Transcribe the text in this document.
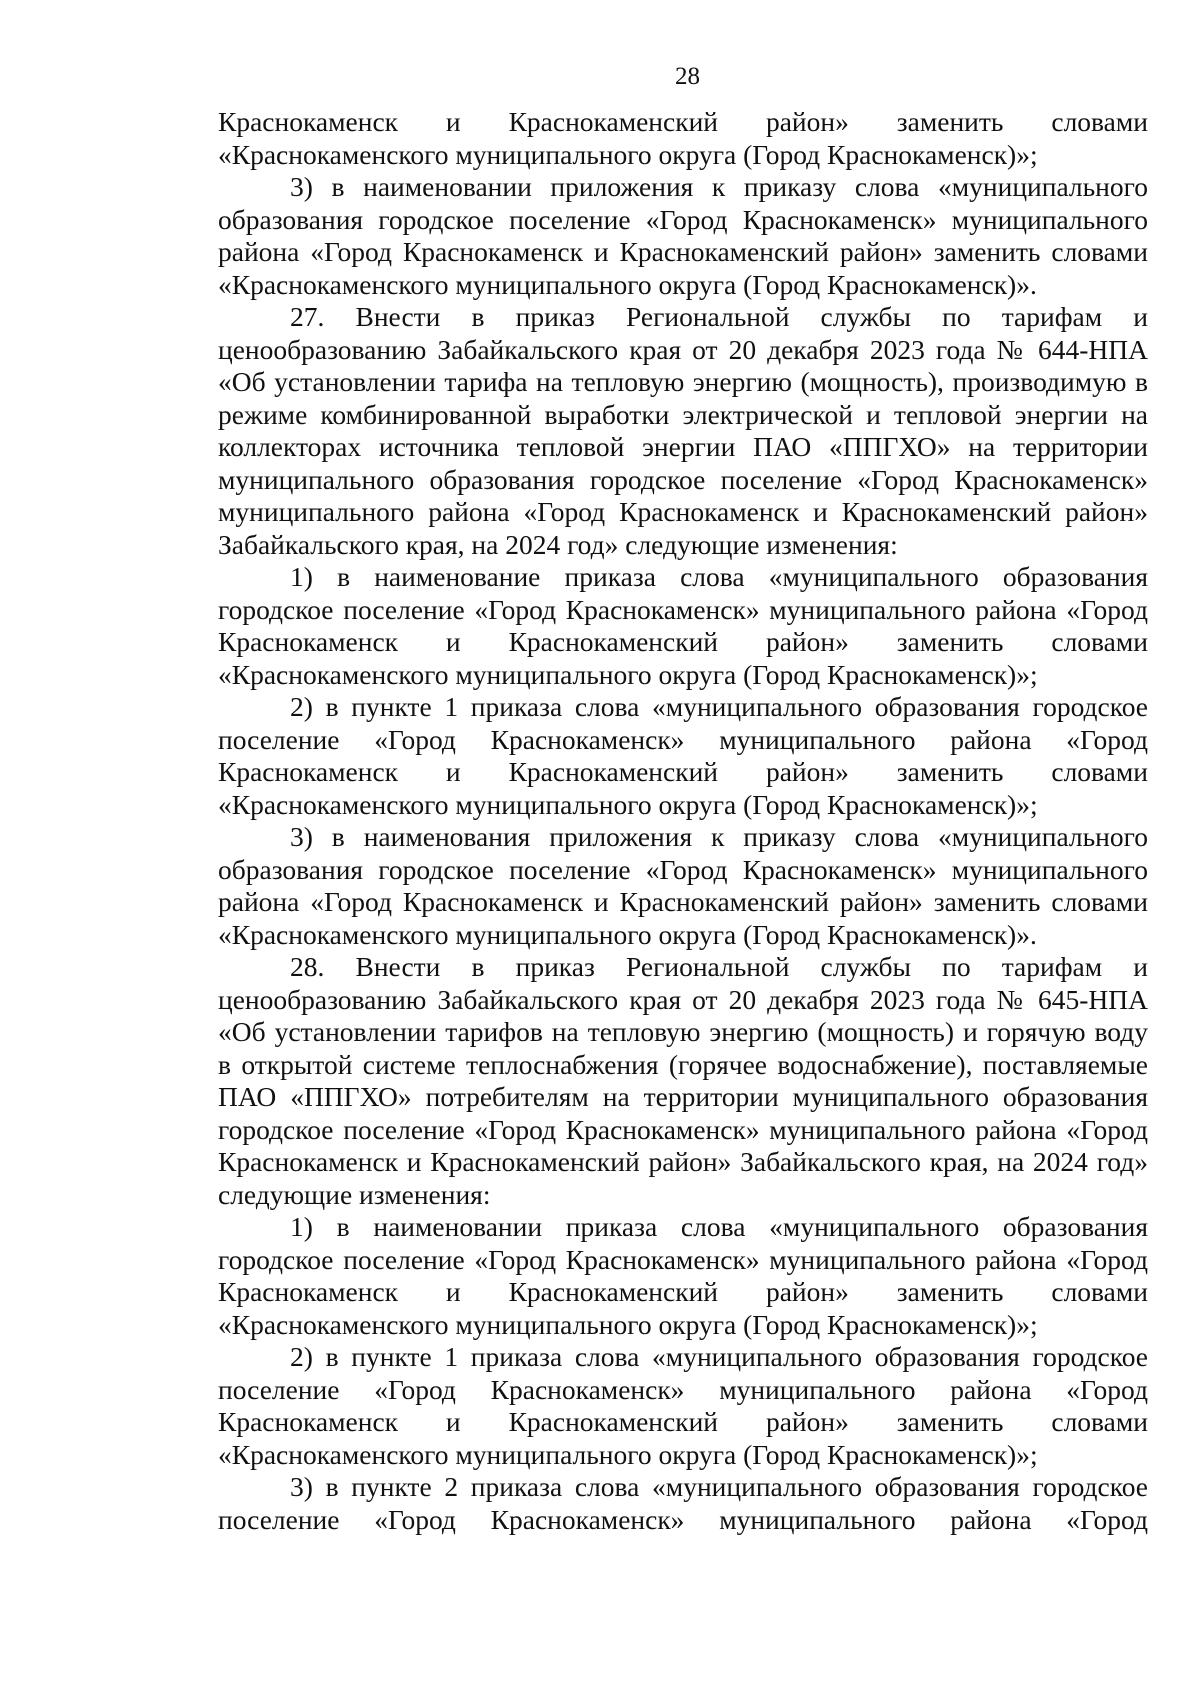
28

Краснокаменск и Краснокаменский район» заменить словами «Краснокаменского муниципального округа (Город Краснокаменск)»;

3) в наименовании приложения к приказу слова «муниципального образования городское поселение «Город Краснокаменск» муниципального района «Город Краснокаменск и Краснокаменский район» заменить словами «Краснокаменского муниципального округа (Город Краснокаменск)».

27. Внести в приказ Региональной службы по тарифам и ценообразованию Забайкальского края от 20 декабря 2023 года № 644-НПА «Об установлении тарифа на тепловую энергию (мощность), производимую в режиме комбинированной выработки электрической и тепловой энергии на коллекторах источника тепловой энергии ПАО «ППГХО» на территории муниципального образования городское поселение «Город Краснокаменск» муниципального района «Город Краснокаменск и Краснокаменский район» Забайкальского края, на 2024 год» следующие изменения:

1) в наименование приказа слова «муниципального образования городское поселение «Город Краснокаменск» муниципального района «Город Краснокаменск и Краснокаменский район» заменить словами «Краснокаменского муниципального округа (Город Краснокаменск)»;

2) в пункте 1 приказа слова «муниципального образования городское поселение «Город Краснокаменск» муниципального района «Город Краснокаменск и Краснокаменский район» заменить словами «Краснокаменского муниципального округа (Город Краснокаменск)»;

3) в наименования приложения к приказу слова «муниципального образования городское поселение «Город Краснокаменск» муниципального района «Город Краснокаменск и Краснокаменский район» заменить словами «Краснокаменского муниципального округа (Город Краснокаменск)».

28. Внести в приказ Региональной службы по тарифам и ценообразованию Забайкальского края от 20 декабря 2023 года № 645-НПА «Об установлении тарифов на тепловую энергию (мощность) и горячую воду в открытой системе теплоснабжения (горячее водоснабжение), поставляемые ПАО «ППГХО» потребителям на территории муниципального образования городское поселение «Город Краснокаменск» муниципального района «Город Краснокаменск и Краснокаменский район» Забайкальского края, на 2024 год» следующие изменения:

1) в наименовании приказа слова «муниципального образования городское поселение «Город Краснокаменск» муниципального района «Город Краснокаменск и Краснокаменский район» заменить словами «Краснокаменского муниципального округа (Город Краснокаменск)»;

2) в пункте 1 приказа слова «муниципального образования городское поселение «Город Краснокаменск» муниципального района «Город Краснокаменск и Краснокаменский район» заменить словами «Краснокаменского муниципального округа (Город Краснокаменск)»;

3) в пункте 2 приказа слова «муниципального образования городское поселение «Город Краснокаменск» муниципального района «Город
